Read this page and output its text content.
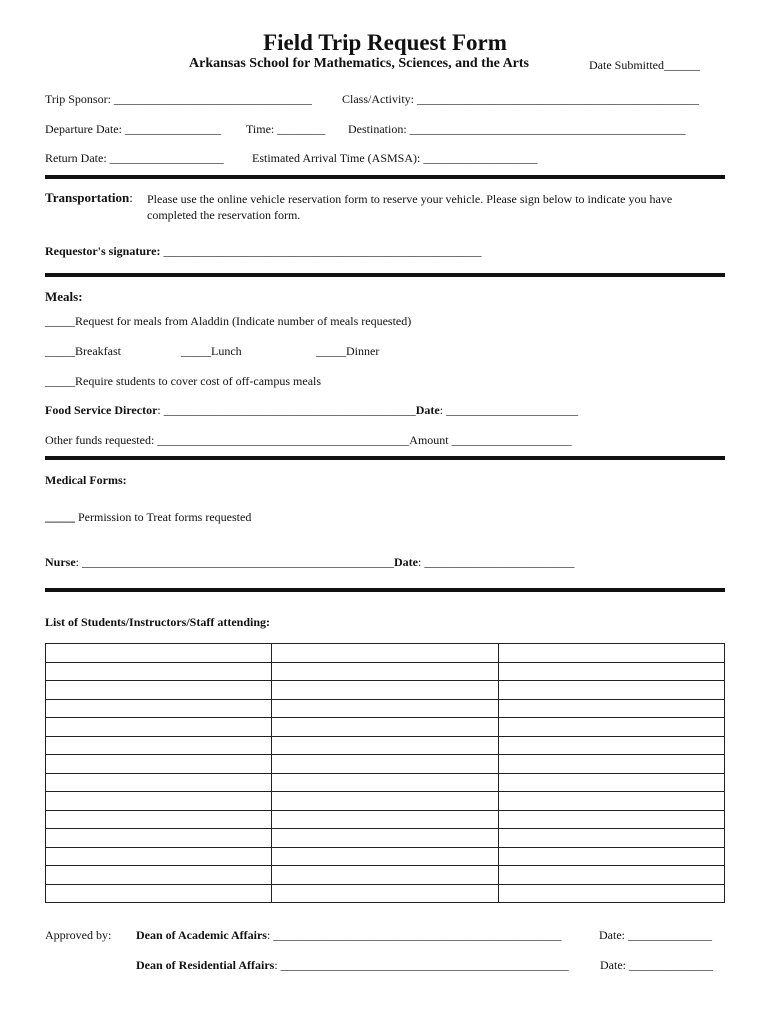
Field Trip Request Form
Arkansas School for Mathematics, Sciences, and the Arts	Date Submitted______
Trip Sponsor: _________________________________	Class/Activity: _______________________________________________
Departure Date: ________________ Time: ________ Destination: ______________________________________________
Return Date: ___________________ Estimated Arrival Time (ASMSA): ___________________
Transportation: Please use the online vehicle reservation form to reserve your vehicle. Please sign below to indicate you have
completed the reservation form.
Requestor's signature: _____________________________________________________
Meals:
_____Request for meals from Aladdin (Indicate number of meals requested)
_____Breakfast	_____Lunch	_____Dinner
_____Require students to cover cost of off-campus meals
Food Service Director: __________________________________________Date: ______________________
Other funds requested: __________________________________________Amount ____________________
Medical Forms:
_____ Permission to Treat forms requested
Nurse: ____________________________________________________Date: _________________________
List of Students/Instructors/Staff attending:

Approved by: Dean of Academic Affairs: ________________________________________________	Date: ______________
Dean of Residential Affairs: ________________________________________________	Date: ______________
